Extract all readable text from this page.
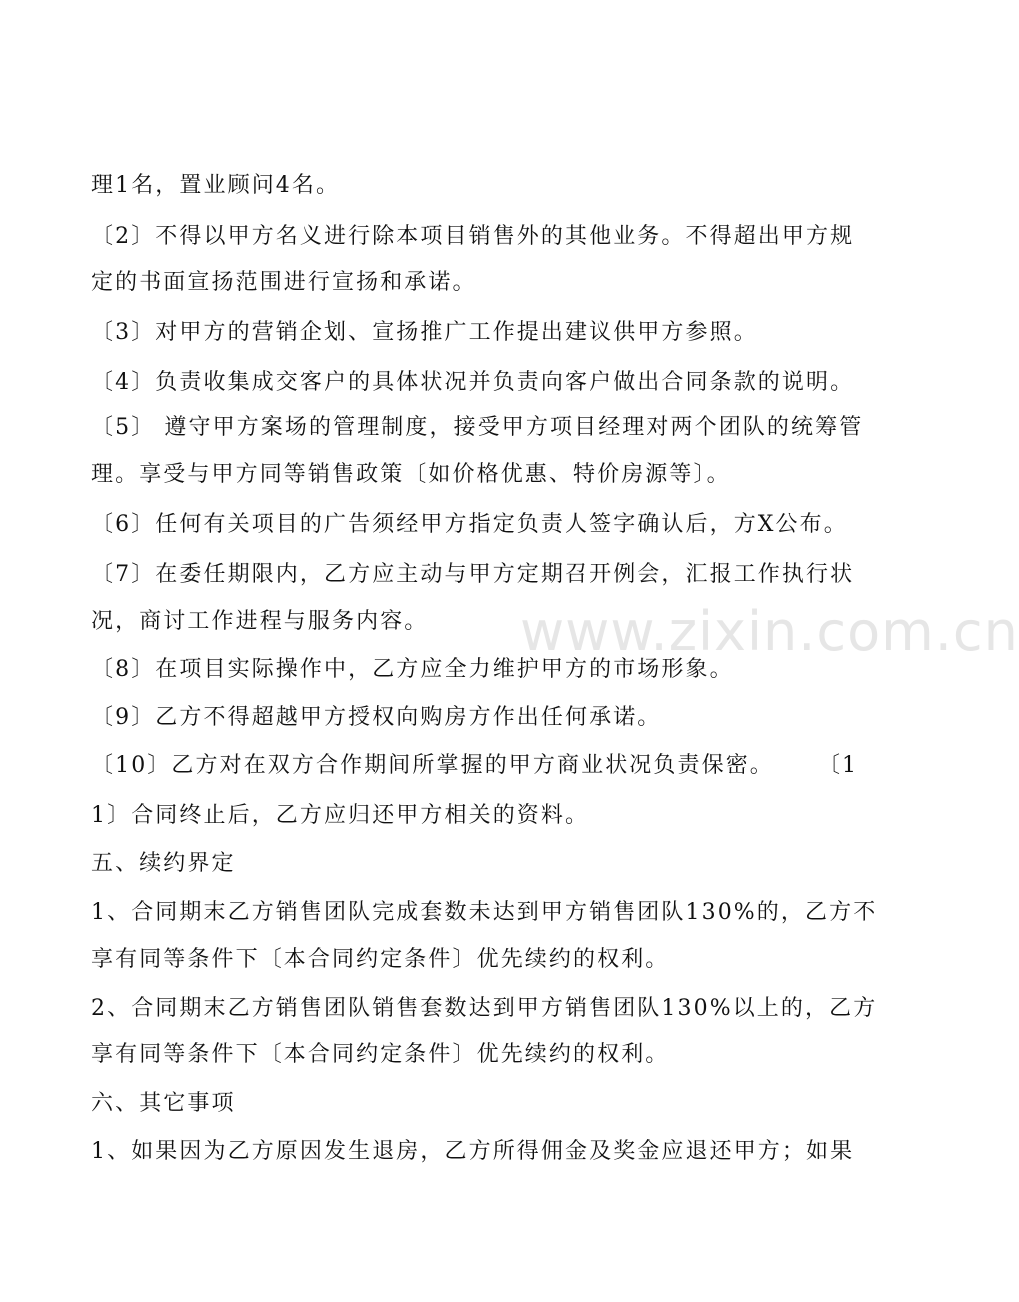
www.zixin.com.cn
理1名，置业顾问4名。
〔2〕不得以甲方名义进行除本项目销售外的其他业务。不得超出甲方规
定的书面宣扬范围进行宣扬和承诺。
〔3〕对甲方的营销企划、宣扬推广工作提出建议供甲方参照。
〔4〕负责收集成交客户的具体状况并负责向客户做出合同条款的说明。
〔5〕 遵守甲方案场的管理制度，接受甲方项目经理对两个团队的统筹管
理。享受与甲方同等销售政策〔如价格优惠、特价房源等〕。
〔6〕任何有关项目的广告须经甲方指定负责人签字确认后，方X公布。
〔7〕在委任期限内，乙方应主动与甲方定期召开例会，汇报工作执行状
况，商讨工作进程与服务内容。
〔8〕在项目实际操作中，乙方应全力维护甲方的市场形象。
〔9〕乙方不得超越甲方授权向购房方作出任何承诺。
〔10〕乙方对在双方合作期间所掌握的甲方商业状况负责保密。	〔1
1〕合同终止后，乙方应归还甲方相关的资料。
五、续约界定
1、合同期末乙方销售团队完成套数未达到甲方销售团队130%的，乙方不
享有同等条件下〔本合同约定条件〕优先续约的权利。
2、合同期末乙方销售团队销售套数达到甲方销售团队130%以上的，乙方
享有同等条件下〔本合同约定条件〕优先续约的权利。
六、其它事项
1、如果因为乙方原因发生退房，乙方所得佣金及奖金应退还甲方；如果
